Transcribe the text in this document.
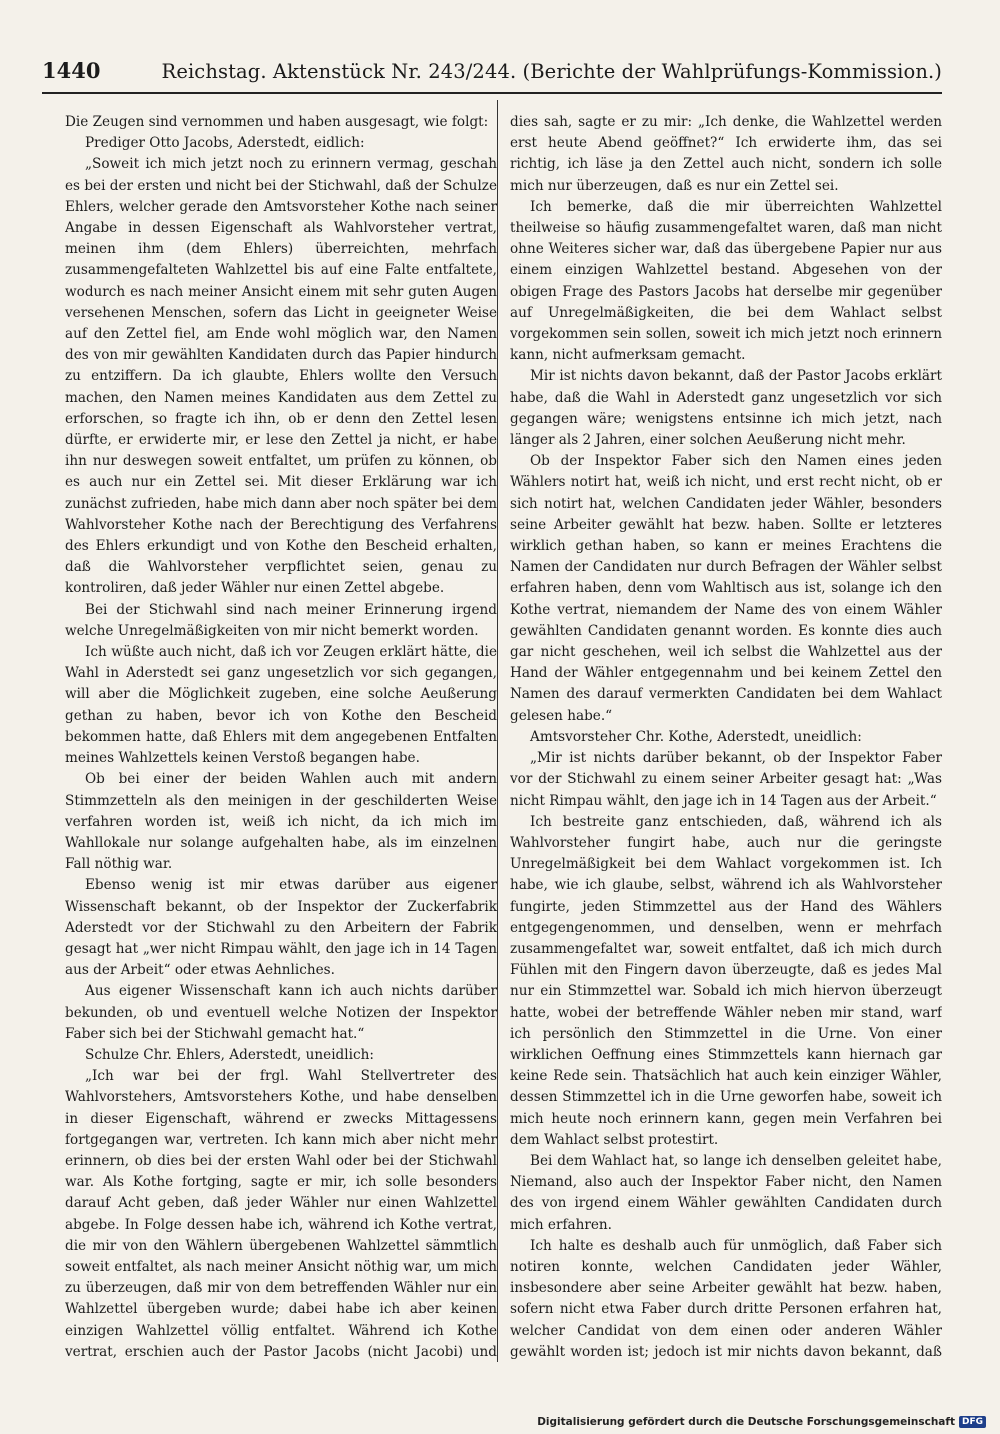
1440	Reichstag. Aktenstück Nr. 243/244. (Berichte der Wahlprüfungs-Kommission.)

Die Zeugen sind vernommen und haben ausgesagt, wie folgt:

Prediger Otto Jacobs, Aderstedt, eidlich:

„Soweit ich mich jetzt noch zu erinnern vermag, geschah es bei der ersten und nicht bei der Stichwahl, daß der Schulze Ehlers, welcher gerade den Amtsvorsteher Kothe nach seiner Angabe in dessen Eigenschaft als Wahlvorsteher vertrat, meinen ihm (dem Ehlers) überreichten, mehrfach zusammengefalteten Wahlzettel bis auf eine Falte entfaltete, wodurch es nach meiner Ansicht einem mit sehr guten Augen versehenen Menschen, sofern das Licht in geeigneter Weise auf den Zettel fiel, am Ende wohl möglich war, den Namen des von mir gewählten Kandidaten durch das Papier hindurch zu entziffern. Da ich glaubte, Ehlers wollte den Versuch machen, den Namen meines Kandidaten aus dem Zettel zu erforschen, so fragte ich ihn, ob er denn den Zettel lesen dürfte, er erwiderte mir, er lese den Zettel ja nicht, er habe ihn nur deswegen soweit entfaltet, um prüfen zu können, ob es auch nur ein Zettel sei. Mit dieser Erklärung war ich zunächst zufrieden, habe mich dann aber noch später bei dem Wahlvorsteher Kothe nach der Berechtigung des Verfahrens des Ehlers erkundigt und von Kothe den Bescheid erhalten, daß die Wahlvorsteher verpflichtet seien, genau zu kontroliren, daß jeder Wähler nur einen Zettel abgebe.

Bei der Stichwahl sind nach meiner Erinnerung irgend welche Unregelmäßigkeiten von mir nicht bemerkt worden.

Ich wüßte auch nicht, daß ich vor Zeugen erklärt hätte, die Wahl in Aderstedt sei ganz ungesetzlich vor sich gegangen, will aber die Möglichkeit zugeben, eine solche Aeußerung gethan zu haben, bevor ich von Kothe den Bescheid bekommen hatte, daß Ehlers mit dem angegebenen Entfalten meines Wahlzettels keinen Verstoß begangen habe.

Ob bei einer der beiden Wahlen auch mit andern Stimmzetteln als den meinigen in der geschilderten Weise verfahren worden ist, weiß ich nicht, da ich mich im Wahllokale nur solange aufgehalten habe, als im einzelnen Fall nöthig war.

Ebenso wenig ist mir etwas darüber aus eigener Wissenschaft bekannt, ob der Inspektor der Zuckerfabrik Aderstedt vor der Stichwahl zu den Arbeitern der Fabrik gesagt hat „wer nicht Rimpau wählt, den jage ich in 14 Tagen aus der Arbeit“ oder etwas Aehnliches.

Aus eigener Wissenschaft kann ich auch nichts darüber bekunden, ob und eventuell welche Notizen der Inspektor Faber sich bei der Stichwahl gemacht hat.“

Schulze Chr. Ehlers, Aderstedt, uneidlich:

„Ich war bei der frgl. Wahl Stellvertreter des Wahlvorstehers, Amtsvorstehers Kothe, und habe denselben in dieser Eigenschaft, während er zwecks Mittagessens fortgegangen war, vertreten. Ich kann mich aber nicht mehr erinnern, ob dies bei der ersten Wahl oder bei der Stichwahl war. Als Kothe fortging, sagte er mir, ich solle besonders darauf Acht geben, daß jeder Wähler nur einen Wahlzettel abgebe. In Folge dessen habe ich, während ich Kothe vertrat, die mir von den Wählern übergebenen Wahlzettel sämmtlich soweit entfaltet, als nach meiner Ansicht nöthig war, um mich zu überzeugen, daß mir von dem betreffenden Wähler nur ein Wahlzettel übergeben wurde; dabei habe ich aber keinen einzigen Wahlzettel völlig entfaltet. Während ich Kothe vertrat, erschien auch der Pastor Jacobs (nicht Jacobi) und

dies sah, sagte er zu mir: „Ich denke, die Wahlzettel werden erst heute Abend geöffnet?“ Ich erwiderte ihm, das sei richtig, ich läse ja den Zettel auch nicht, sondern ich solle mich nur überzeugen, daß es nur ein Zettel sei.

Ich bemerke, daß die mir überreichten Wahlzettel theilweise so häufig zusammengefaltet waren, daß man nicht ohne Weiteres sicher war, daß das übergebene Papier nur aus einem einzigen Wahlzettel bestand. Abgesehen von der obigen Frage des Pastors Jacobs hat derselbe mir gegenüber auf Unregelmäßigkeiten, die bei dem Wahlact selbst vorgekommen sein sollen, soweit ich mich jetzt noch erinnern kann, nicht aufmerksam gemacht.

Mir ist nichts davon bekannt, daß der Pastor Jacobs erklärt habe, daß die Wahl in Aderstedt ganz ungesetzlich vor sich gegangen wäre; wenigstens entsinne ich mich jetzt, nach länger als 2 Jahren, einer solchen Aeußerung nicht mehr.

Ob der Inspektor Faber sich den Namen eines jeden Wählers notirt hat, weiß ich nicht, und erst recht nicht, ob er sich notirt hat, welchen Candidaten jeder Wähler, besonders seine Arbeiter gewählt hat bezw. haben. Sollte er letzteres wirklich gethan haben, so kann er meines Erachtens die Namen der Candidaten nur durch Befragen der Wähler selbst erfahren haben, denn vom Wahltisch aus ist, solange ich den Kothe vertrat, niemandem der Name des von einem Wähler gewählten Candidaten genannt worden. Es konnte dies auch gar nicht geschehen, weil ich selbst die Wahlzettel aus der Hand der Wähler entgegennahm und bei keinem Zettel den Namen des darauf vermerkten Candidaten bei dem Wahlact gelesen habe.“

Amtsvorsteher Chr. Kothe, Aderstedt, uneidlich:

„Mir ist nichts darüber bekannt, ob der Inspektor Faber vor der Stichwahl zu einem seiner Arbeiter gesagt hat: „Was nicht Rimpau wählt, den jage ich in 14 Tagen aus der Arbeit.“

Ich bestreite ganz entschieden, daß, während ich als Wahlvorsteher fungirt habe, auch nur die geringste Unregelmäßigkeit bei dem Wahlact vorgekommen ist. Ich habe, wie ich glaube, selbst, während ich als Wahlvorsteher fungirte, jeden Stimmzettel aus der Hand des Wählers entgegengenommen, und denselben, wenn er mehrfach zusammengefaltet war, soweit entfaltet, daß ich mich durch Fühlen mit den Fingern davon überzeugte, daß es jedes Mal nur ein Stimmzettel war. Sobald ich mich hiervon überzeugt hatte, wobei der betreffende Wähler neben mir stand, warf ich persönlich den Stimmzettel in die Urne. Von einer wirklichen Oeffnung eines Stimmzettels kann hiernach gar keine Rede sein. Thatsächlich hat auch kein einziger Wähler, dessen Stimmzettel ich in die Urne geworfen habe, soweit ich mich heute noch erinnern kann, gegen mein Verfahren bei dem Wahlact selbst protestirt.

Bei dem Wahlact hat, so lange ich denselben geleitet habe, Niemand, also auch der Inspektor Faber nicht, den Namen des von irgend einem Wähler gewählten Candidaten durch mich erfahren.

Ich halte es deshalb auch für unmöglich, daß Faber sich notiren konnte, welchen Candidaten jeder Wähler, insbesondere aber seine Arbeiter gewählt hat bezw. haben, sofern nicht etwa Faber durch dritte Personen erfahren hat, welcher Candidat von dem einen oder anderen Wähler gewählt worden ist; jedoch ist mir nichts davon bekannt, daß

Digitalisierung gefördert durch die Deutsche Forschungsgemeinschaft DFG
